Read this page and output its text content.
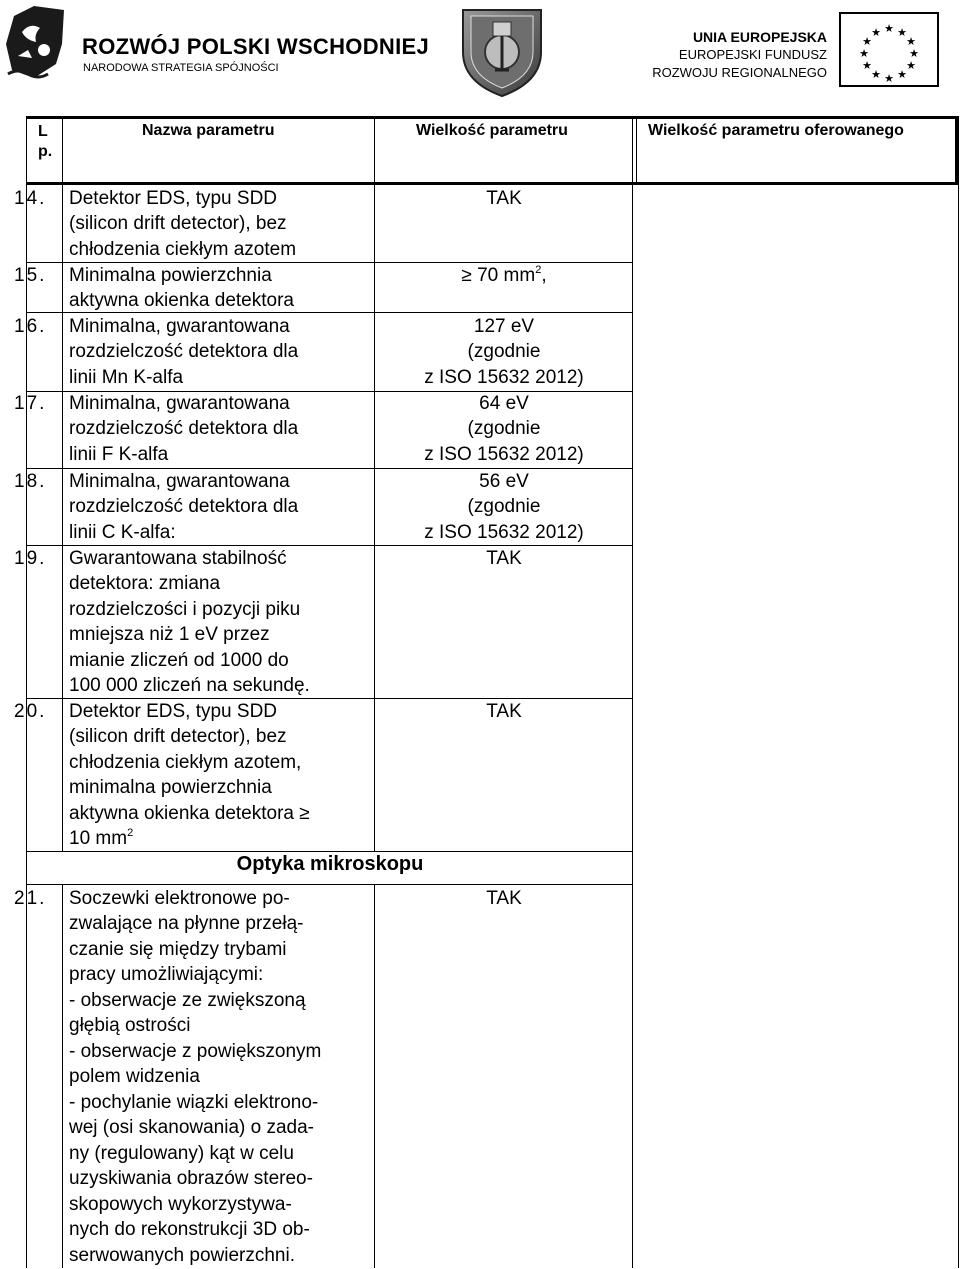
ROZWÓJ POLSKI WSCHODNIEJ
NARODOWA STRATEGIA SPÓJNOŚCI
UNIA EUROPEJSKA
EUROPEJSKI FUNDUSZ
ROZWOJU REGIONALNEGO
★ ★
★
★
★
★
★
★
★
★
★
★
L p.
Nazwa parametru	Wielkość parametru	Wielkość parametru oferowanego
14. Detektor EDS, typu SDD
(silicon drift detector), bez
chłodzenia ciekłym azotem
TAK
15. Minimalna powierzchnia
aktywna okienka detektora
≥ 70 $mm^2$,
16. Minimalna, gwarantowana
rozdzielczość detektora dla
linii Mn K-alfa
127 eV
(zgodnie
z ISO 15632 2012)
17. Minimalna, gwarantowana
rozdzielczość detektora dla
linii F K-alfa
64 eV
(zgodnie
z ISO 15632 2012)
18. Minimalna, gwarantowana
rozdzielczość detektora dla
linii C K-alfa:
56 eV
(zgodnie
z ISO 15632 2012)
19. Gwarantowana stabilność
detektora: zmiana
rozdzielczości i pozycji piku
mniejsza niż 1 eV przez
mianie zliczeń od 1000 do
100 000 zliczeń na sekundę.
TAK
20. Detektor EDS, typu SDD
(silicon drift detector), bez
chłodzenia ciekłym azotem,
minimalna powierzchnia
aktywna okienka detektora ≥
10 $mm^2$
TAK
Optyka mikroskopu
21. Soczewki elektronowe po-
zwalające na płynne przełą-
czanie się między trybami
pracy umożliwiającymi:
- obserwacje ze zwiększoną
głębią ostrości
- obserwacje z powiększonym
polem widzenia
- pochylanie wiązki elektrono-
wej (osi skanowania) o zada-
ny (regulowany) kąt w celu
uzyskiwania obrazów stereo-
skopowych wykorzystywa-
nych do rekonstrukcji 3D ob-
serwowanych powierzchni.
TAK
